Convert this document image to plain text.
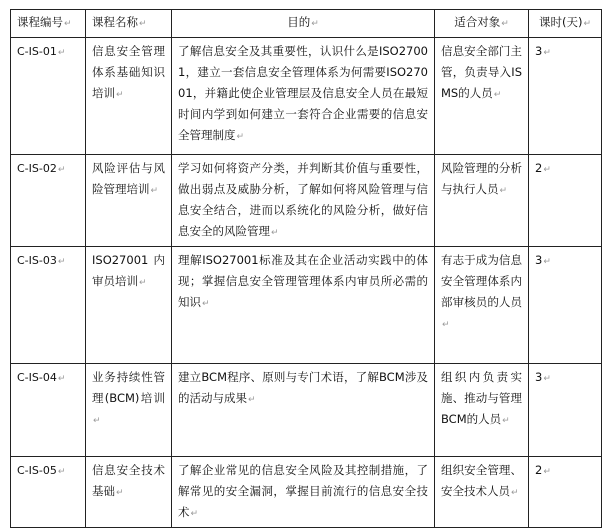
课程编号↵	课程名称↵	目的↵	适合对象↵	课时(天)↵
C-IS-01↵	信息安全管理体系基础知识培训↵	了解信息安全及其重要性，认识什么是ISO27001，建立一套信息安全管理体系为何需要ISO27001，并籍此使企业管理层及信息安全人员在最短时间内学到如何建立一套符合企业需要的信息安全管理制度↵	信息安全部门主管，负责导入ISMS的人员↵	3↵
C-IS-02↵	风险评估与风险管理培训↵	学习如何将资产分类，并判断其价值与重要性，做出弱点及威胁分析，了解如何将风险管理与信息安全结合，进而以系统化的风险分析，做好信息安全的风险管理↵	风险管理的分析与执行人员↵	2↵
C-IS-03↵	ISO27001内审员培训↵	理解ISO27001标准及其在企业活动实践中的体现；掌握信息安全管理管理体系内审员所必需的知识↵	有志于成为信息安全管理体系内部审核员的人员↵	3↵
C-IS-04↵	业务持续性管理(BCM)培训↵	建立BCM程序、原则与专门术语，了解BCM涉及的活动与成果↵	组织内负责实施、推动与管理BCM的人员↵	3↵
C-IS-05↵	信息安全技术基础↵	了解企业常见的信息安全风险及其控制措施，了解常见的安全漏洞，掌握目前流行的信息安全技术↵	组织安全管理、安全技术人员↵	2↵
